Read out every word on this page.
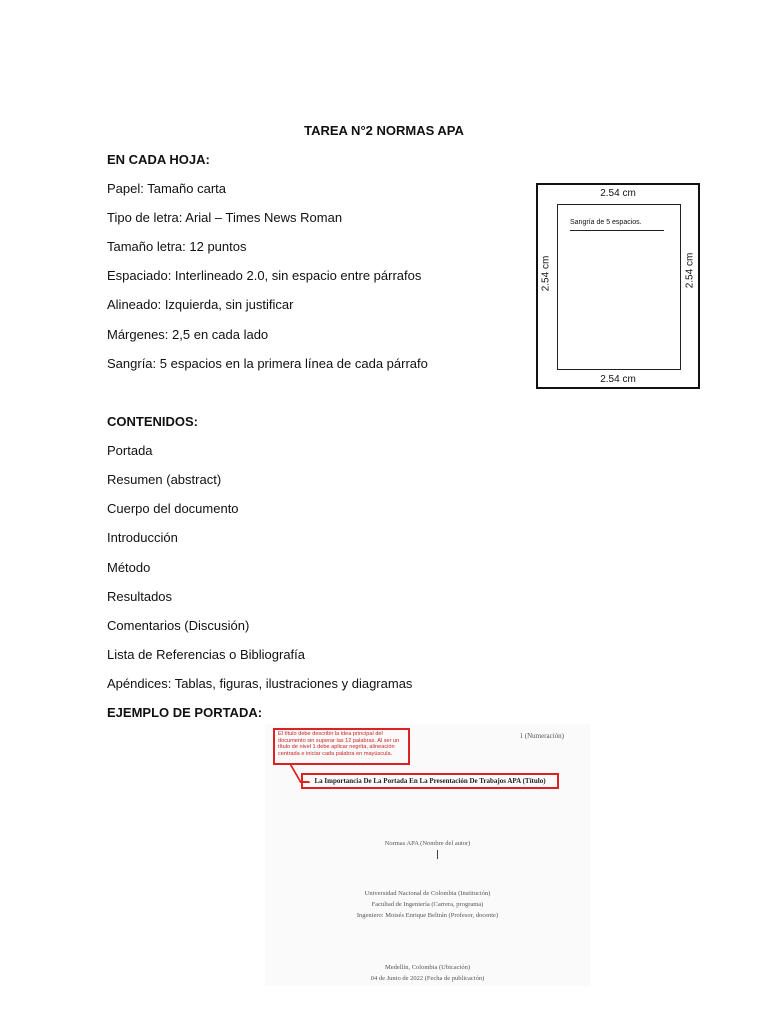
TAREA N°2 NORMAS APA
EN CADA HOJA:
Papel: Tamaño carta
Tipo de letra: Arial – Times News Roman
Tamaño letra: 12 puntos
Espaciado: Interlineado 2.0, sin espacio entre párrafos
Alineado: Izquierda, sin justificar
Márgenes: 2,5 en cada lado
Sangría: 5 espacios en la primera línea de cada párrafo
2.54 cm
2.54 cm
2.54 cm	2.54 cm
Sangría de 5 espacios.
CONTENIDOS:
Portada
Resumen (abstract)
Cuerpo del documento
Introducción
Método
Resultados
Comentarios (Discusión)
Lista de Referencias o Bibliografía
Apéndices: Tablas, figuras, ilustraciones y diagramas
EJEMPLO DE PORTADA:
El título debe describir la idea principal del documento sin superar las 12 palabras. Al ser un título de nivel 1 debe aplicar negrita, alineación centrada e iniciar cada palabra en mayúscula.
1 (Numeración)
La Importancia De La Portada En La Presentación De Trabajos APA (Título)
Normas APA (Nombre del autor)
Universidad Nacional de Colombia (Institución)
Facultad de Ingeniería (Carrera, programa)
Ingeniero: Moisés Enrique Beltrán (Profesor, docente)
Medellín, Colombia (Ubicación)
04 de Junio de 2022 (Fecha de publicación)
